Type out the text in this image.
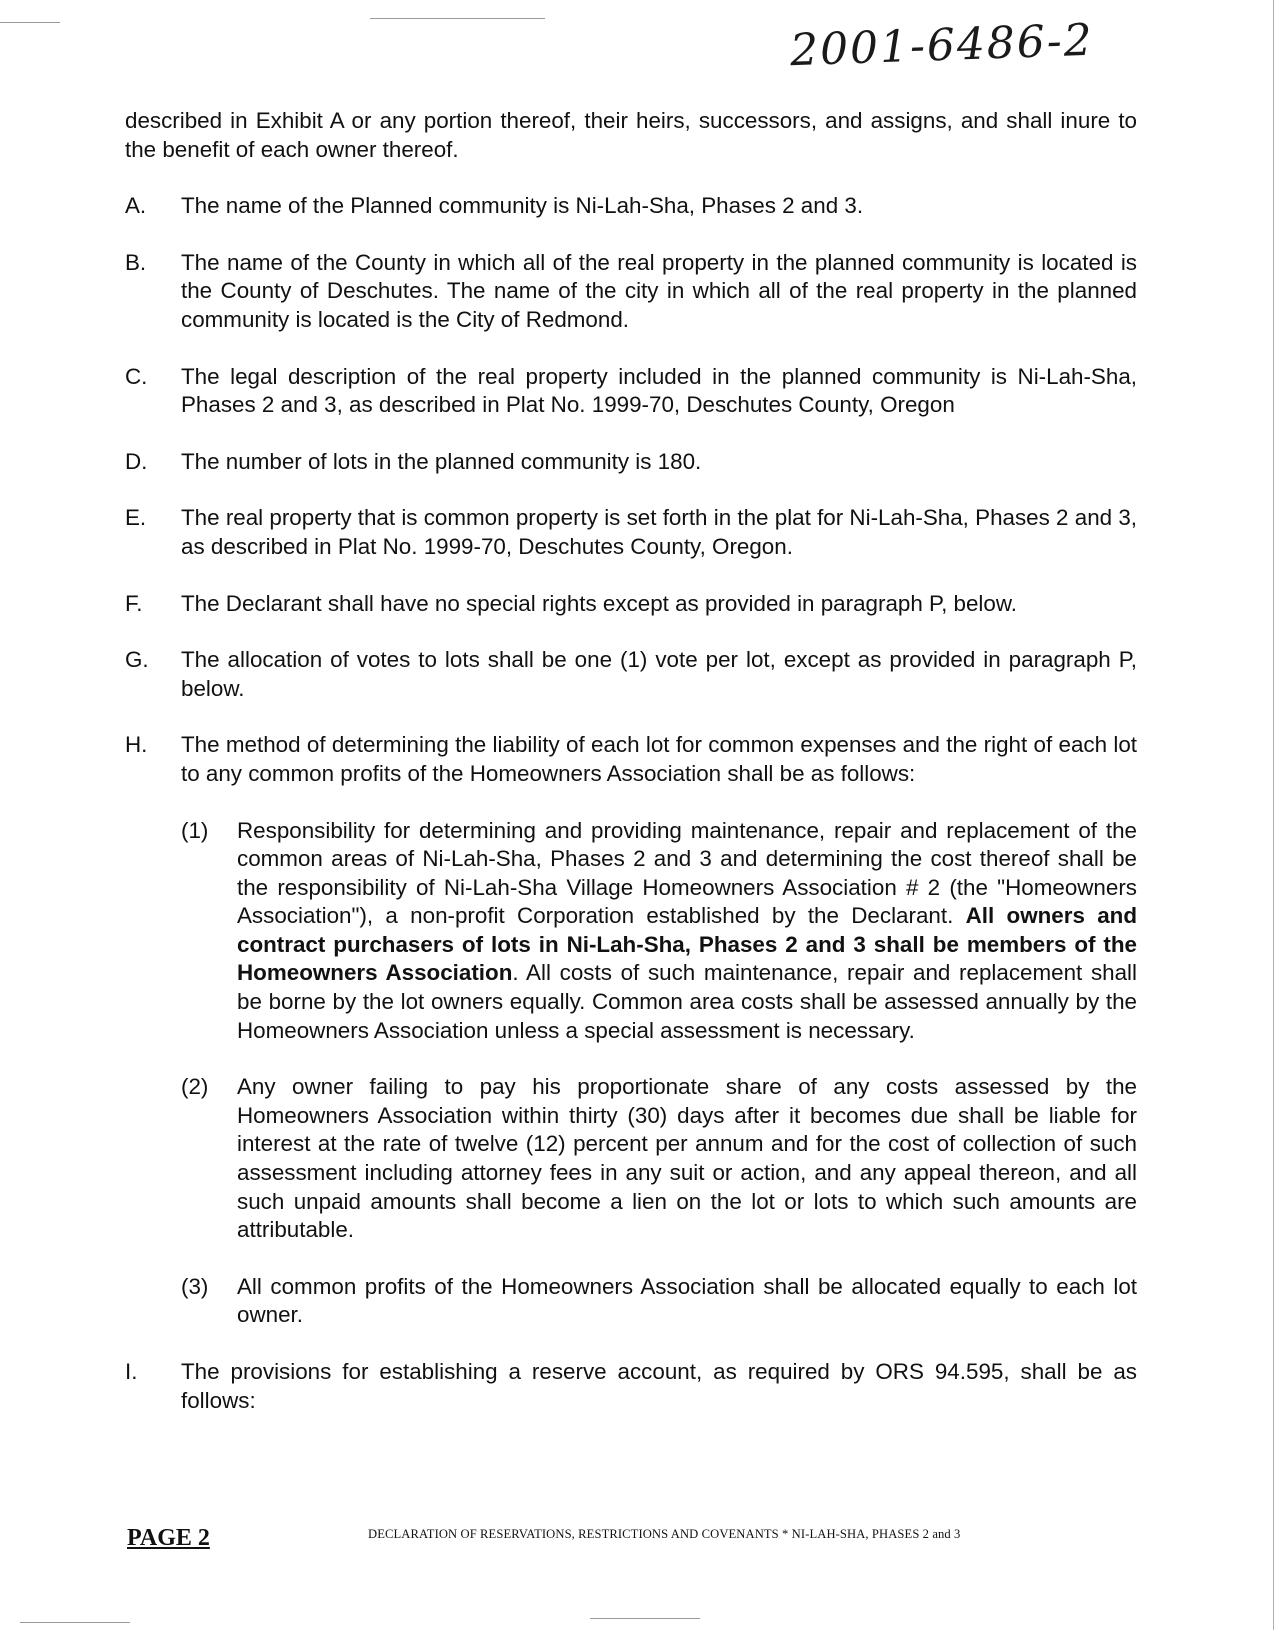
2001-6486-2

described in Exhibit A or any portion thereof, their heirs, successors, and assigns, and shall inure to the benefit of each owner thereof.

A.	The name of the Planned community is Ni-Lah-Sha, Phases 2 and 3.
B.	The name of the County in which all of the real property in the planned community is located is the County of Deschutes. The name of the city in which all of the real property in the planned community is located is the City of Redmond.
C.	The legal description of the real property included in the planned community is Ni-Lah-Sha, Phases 2 and 3, as described in Plat No. 1999-70, Deschutes County, Oregon
D.	The number of lots in the planned community is 180.
E.	The real property that is common property is set forth in the plat for Ni-Lah-Sha, Phases 2 and 3, as described in Plat No. 1999-70, Deschutes County, Oregon.
F.	The Declarant shall have no special rights except as provided in paragraph P, below.
G.	The allocation of votes to lots shall be one (1) vote per lot, except as provided in paragraph P, below.
H.	The method of determining the liability of each lot for common expenses and the right of each lot to any common profits of the Homeowners Association shall be as follows:
(1)	Responsibility for determining and providing maintenance, repair and replacement of the common areas of Ni-Lah-Sha, Phases 2 and 3 and determining the cost thereof shall be the responsibility of Ni-Lah-Sha Village Homeowners Association # 2 (the "Homeowners Association"), a non-profit Corporation established by the Declarant. All owners and contract purchasers of lots in Ni-Lah-Sha, Phases 2 and 3 shall be members of the Homeowners Association. All costs of such maintenance, repair and replacement shall be borne by the lot owners equally. Common area costs shall be assessed annually by the Homeowners Association unless a special assessment is necessary.
(2)	Any owner failing to pay his proportionate share of any costs assessed by the Homeowners Association within thirty (30) days after it becomes due shall be liable for interest at the rate of twelve (12) percent per annum and for the cost of collection of such assessment including attorney fees in any suit or action, and any appeal thereon, and all such unpaid amounts shall become a lien on the lot or lots to which such amounts are attributable.
(3)	All common profits of the Homeowners Association shall be allocated equally to each lot owner.
I.	The provisions for establishing a reserve account, as required by ORS 94.595, shall be as follows:
PAGE 2	DECLARATION OF RESERVATIONS, RESTRICTIONS AND COVENANTS * NI-LAH-SHA, PHASES 2 and 3
